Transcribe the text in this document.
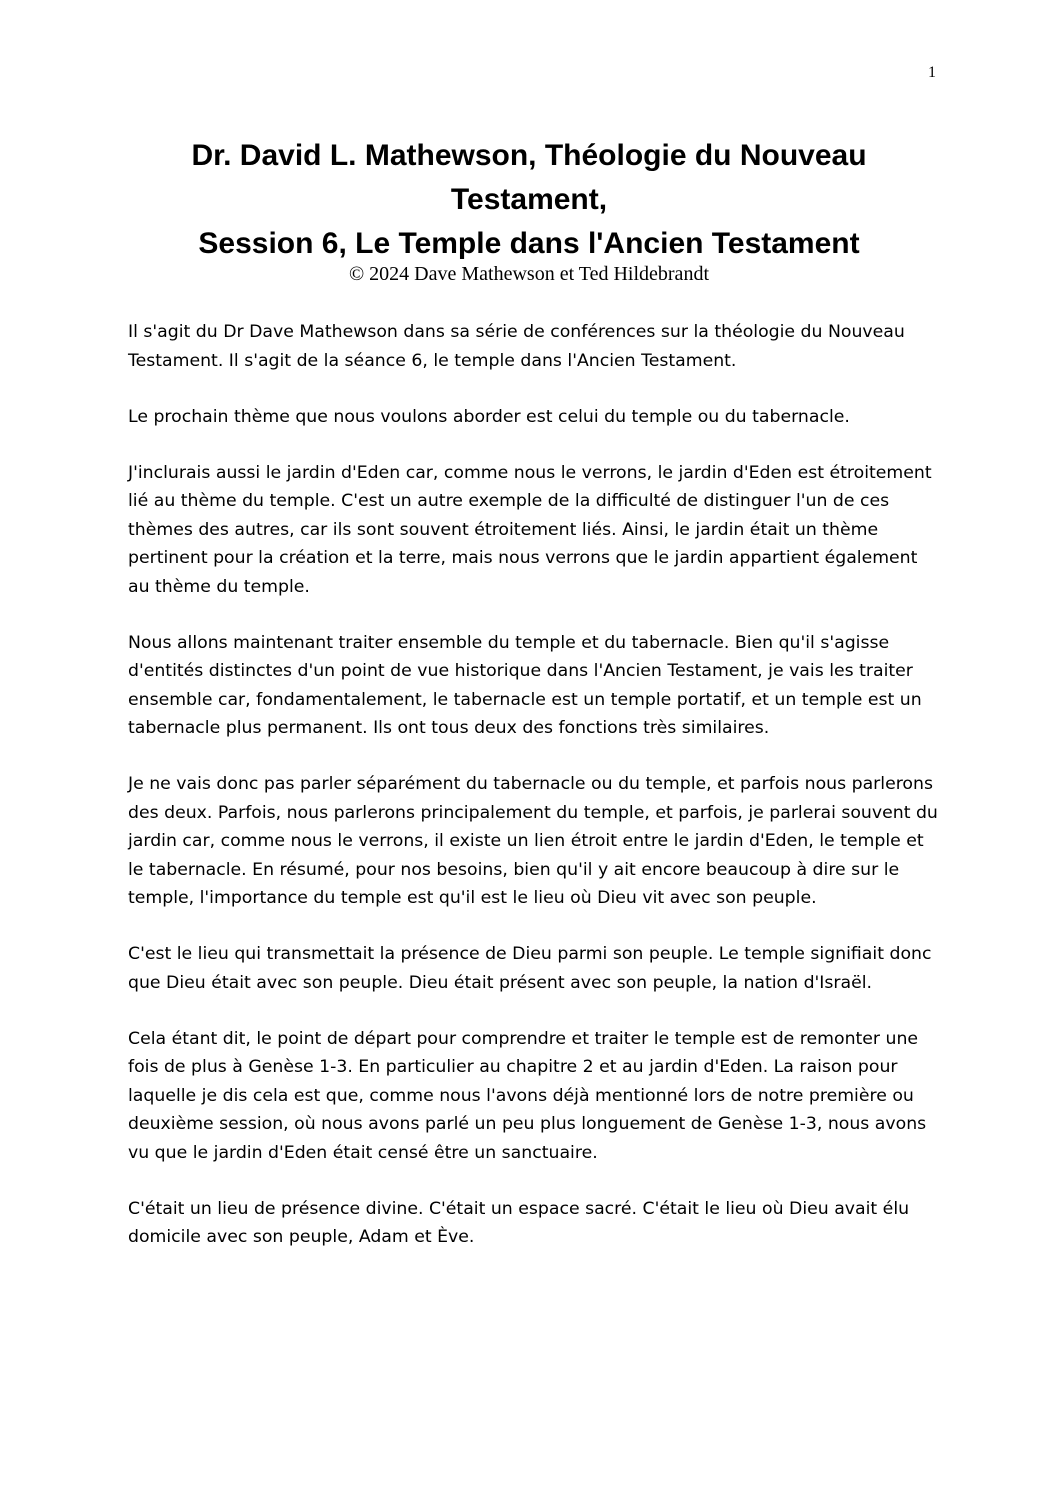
1
Dr. David L. Mathewson, Théologie du Nouveau
Testament,
Session 6, Le Temple dans l'Ancien Testament
© 2024 Dave Mathewson et Ted Hildebrandt

Il s'agit du Dr Dave Mathewson dans sa série de conférences sur la théologie du Nouveau Testament. Il s'agit de la séance 6, le temple dans l'Ancien Testament.

Le prochain thème que nous voulons aborder est celui du temple ou du tabernacle.

J'inclurais aussi le jardin d'Eden car, comme nous le verrons, le jardin d'Eden est étroitement lié au thème du temple. C'est un autre exemple de la difficulté de distinguer l'un de ces thèmes des autres, car ils sont souvent étroitement liés. Ainsi, le jardin était un thème pertinent pour la création et la terre, mais nous verrons que le jardin appartient également au thème du temple.

Nous allons maintenant traiter ensemble du temple et du tabernacle. Bien qu'il s'agisse d'entités distinctes d'un point de vue historique dans l'Ancien Testament, je vais les traiter ensemble car, fondamentalement, le tabernacle est un temple portatif, et un temple est un tabernacle plus permanent. Ils ont tous deux des fonctions très similaires.

Je ne vais donc pas parler séparément du tabernacle ou du temple, et parfois nous parlerons des deux. Parfois, nous parlerons principalement du temple, et parfois, je parlerai souvent du jardin car, comme nous le verrons, il existe un lien étroit entre le jardin d'Eden, le temple et le tabernacle. En résumé, pour nos besoins, bien qu'il y ait encore beaucoup à dire sur le temple, l'importance du temple est qu'il est le lieu où Dieu vit avec son peuple.

C'est le lieu qui transmettait la présence de Dieu parmi son peuple. Le temple signifiait donc que Dieu était avec son peuple. Dieu était présent avec son peuple, la nation d'Israël.

Cela étant dit, le point de départ pour comprendre et traiter le temple est de remonter une fois de plus à Genèse 1-3. En particulier au chapitre 2 et au jardin d'Eden. La raison pour laquelle je dis cela est que, comme nous l'avons déjà mentionné lors de notre première ou deuxième session, où nous avons parlé un peu plus longuement de Genèse 1-3, nous avons vu que le jardin d'Eden était censé être un sanctuaire.

C'était un lieu de présence divine. C'était un espace sacré. C'était le lieu où Dieu avait élu domicile avec son peuple, Adam et Ève.
